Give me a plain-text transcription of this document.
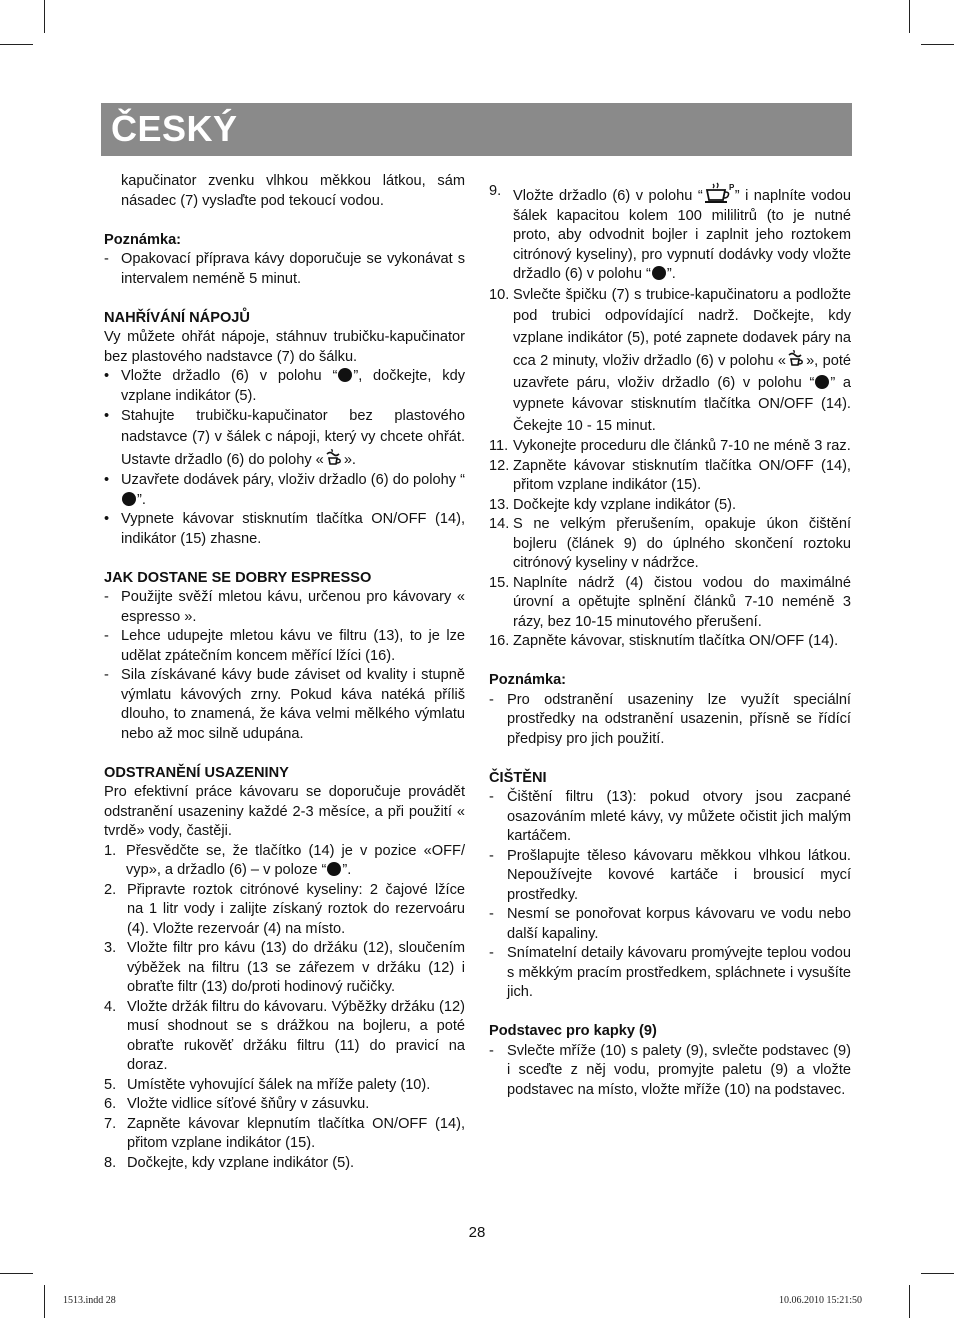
ČESKÝ

kapučinator zvenku vlhkou měkkou látkou, sám násadec (7) vyslaďte pod tekoucí vodou.

Poznámka:

- Opakovací příprava kávy doporučuje se vykonávat s intervalem neméně 5 minut.

NAHŘÍVÁNÍ NÁPOJŮ

Vy můžete ohřát nápoje, stáhnuv trubičku-kapučinator bez plastového nadstavce (7) do šálku.

• Vložte držadlo (6) v polohu “ ”, dočkejte, kdy vzplane indikátor (5).

• Stahujte trubičku-kapučinator bez plastového nadstavce (7) v šálek c nápoji, který vy chcete ohřát. Ustavte držadlo (6) do polohy « ».

• Uzavřete dodávek páry, vloživ držadlo (6) do polohy “”.

• Vypnete kávovar stisknutím tlačítka ON/OFF (14), indikátor (15) zhasne.

JAK DOSTANE SE DOBRY ESPRESSO

- Použijte svěží mletou kávu, určenou pro kávovary « espresso ».

- Lehce udupejte mletou kávu ve filtru (13), to je lze udělat zpátečním koncem měřící lžíci (16).

- Sila získávané kávy bude záviset od kvality i stupně výmlatu kávových zrny. Pokud káva natéká příliš dlouho, to znamená, že káva velmi mělkého výmlatu nebo až moc silně udupána.

ODSTRANĚNÍ USAZENINY

Pro efektivní práce kávovaru se doporučuje provádět odstranění usazeniny každé 2-3 měsíce, a při použití « tvrdě» vody, častěji.

1. Přesvědčte se, že tlačítko (14) je v pozice «OFF/ vyp», a držadlo (6) – v poloze “ ”.

2. Připravte roztok citrónové kyseliny: 2 čajové lžíce na 1 litr vody i zalijte získaný roztok do rezervoáru (4). Vložte rezervoár (4) na místo.

3. Vložte filtr pro kávu (13) do držáku (12), sloučením výběžek na filtru (13 se zářezem v držáku (12) i obraťte filtr (13) do/proti hodinový ručičky.

4. Vložte držák filtru do kávovaru. Výběžky držáku (12) musí shodnout se s drážkou na bojleru, a poté obraťte rukověť držáku filtru (11) do pravicí na doraz.

5. Umístěte vyhovující šálek na mříže palety (10).

6. Vložte vidlice síťové šňůry v zásuvku.

7. Zapněte kávovar klepnutím tlačítka ON/OFF (14), přitom vzplane indikátor (15).

8. Dočkejte, kdy vzplane indikátor (5).

9. Vložte držadlo (6) v polohu “
P
” i naplníte vodou šálek kapacitou kolem 100 mililitrů (to je nutné proto, aby odvodnit bojler i zaplnit jeho roztokem citrónový kyseliny), pro vypnutí dodávky vody vložte držadlo (6) v polohu “ ”.

10. Svlečte špičku (7) s trubice-kapučinatoru a podložte pod trubici odpovídající nadrž. Dočkejte, kdy vzplane indikátor (5), poté zapnete dodavek páry na cca 2 minuty, vloživ držadlo (6) v polohu « », poté uzavřete páru, vloživ držadlo (6) v polohu “ ” a vypnete kávovar stisknutím tlačítka ON/OFF (14). Čekejte 10 - 15 minut.

11. Vykonejte proceduru dle článků 7-10 ne méně 3 raz.

12. Zapněte kávovar stisknutím tlačítka ON/OFF (14), přitom vzplane indikátor (15).

13. Dočkejte kdy vzplane indikátor (5).

14. S ne velkým přerušením, opakuje úkon čištění bojleru (článek 9) do úplného skončení roztoku citrónový kyseliny v nádržce.

15. Naplníte nádrž (4) čistou vodou do maximálné úrovní a opětujte splnění článků 7-10 neméně 3 rázy, bez 10-15 minutového přerušení.

16. Zapněte kávovar, stisknutím tlačítka ON/OFF (14).

Poznámka:

- Pro odstranění usazeniny lze využít speciální prostředky na odstranění usazenin, přísně se řídící předpisy pro jich použití.

ČIŠTĚNI

- Čištění filtru (13): pokud otvory jsou zacpané osazováním mleté kávy, vy můžete očistit jich malým kartáčem.

- Prošlapujte těleso kávovaru měkkou vlhkou látkou. Nepoužívejte kovové kartáče i brousicí mycí prostředky.

- Nesmí se ponořovat korpus kávovaru ve vodu nebo další kapaliny.

- Snímatelní detaily kávovaru promývejte teplou vodou s měkkým pracím prostředkem, spláchnete i vysušíte jich.

Podstavec pro kapky (9)

- Svlečte mříže (10) s palety (9), svlečte podstavec (9) i sceďte z něj vodu, promyjte paletu (9) a vložte podstavec na místo, vložte mříže (10) na podstavec.

28
1513.indd 28	10.06.2010 15:21:50
